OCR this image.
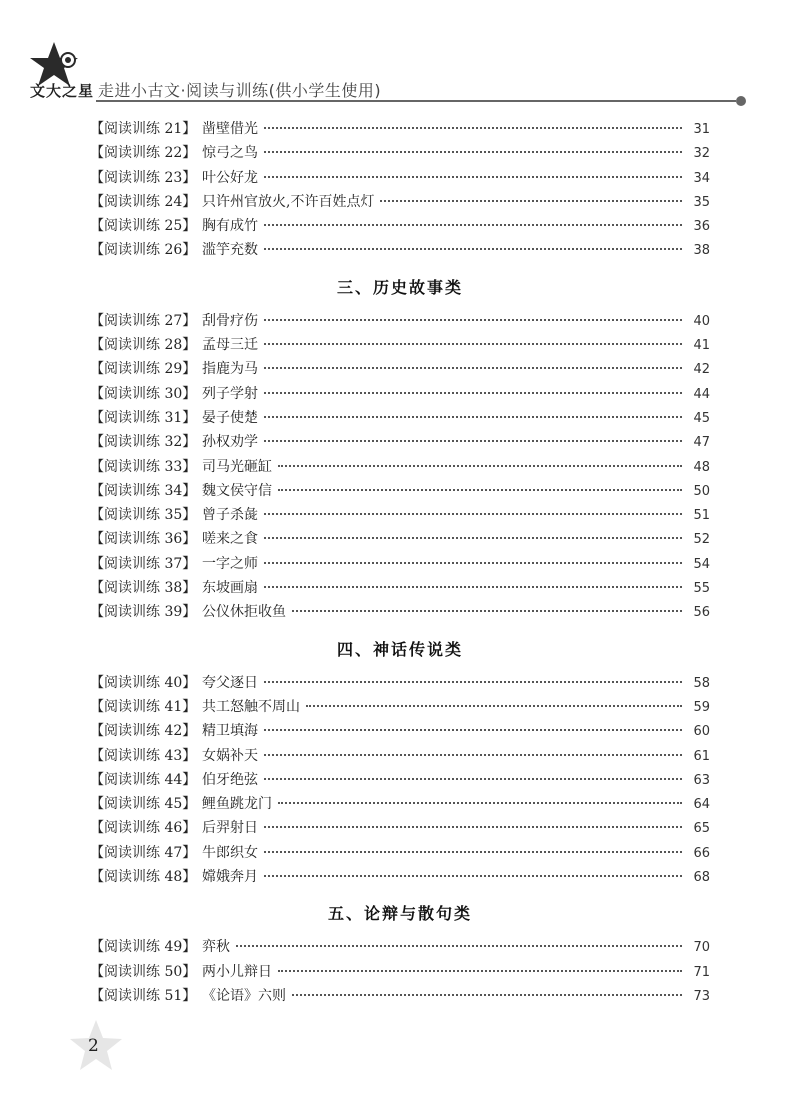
文大之星 走进小古文·阅读与训练(供小学生使用)
【阅读训练 21】 凿壁借光	31
【阅读训练 22】 惊弓之鸟	32
【阅读训练 23】 叶公好龙	34
【阅读训练 24】 只许州官放火,不许百姓点灯	35
【阅读训练 25】 胸有成竹	36
【阅读训练 26】 滥竽充数	38
三、历史故事类
【阅读训练 27】 刮骨疗伤	40
【阅读训练 28】 孟母三迁	41
【阅读训练 29】 指鹿为马	42
【阅读训练 30】 列子学射	44
【阅读训练 31】 晏子使楚	45
【阅读训练 32】 孙权劝学	47
【阅读训练 33】 司马光砸缸	48
【阅读训练 34】 魏文侯守信	50
【阅读训练 35】 曾子杀彘	51
【阅读训练 36】 嗟来之食	52
【阅读训练 37】 一字之师	54
【阅读训练 38】 东坡画扇	55
【阅读训练 39】 公仪休拒收鱼	56
四、神话传说类
【阅读训练 40】 夸父逐日	58
【阅读训练 41】 共工怒触不周山	59
【阅读训练 42】 精卫填海	60
【阅读训练 43】 女娲补天	61
【阅读训练 44】 伯牙绝弦	63
【阅读训练 45】 鲤鱼跳龙门	64
【阅读训练 46】 后羿射日	65
【阅读训练 47】 牛郎织女	66
【阅读训练 48】 嫦娥奔月	68
五、论辩与散句类
【阅读训练 49】 弈秋	70
【阅读训练 50】 两小儿辩日	71
【阅读训练 51】 《论语》六则	73
2
